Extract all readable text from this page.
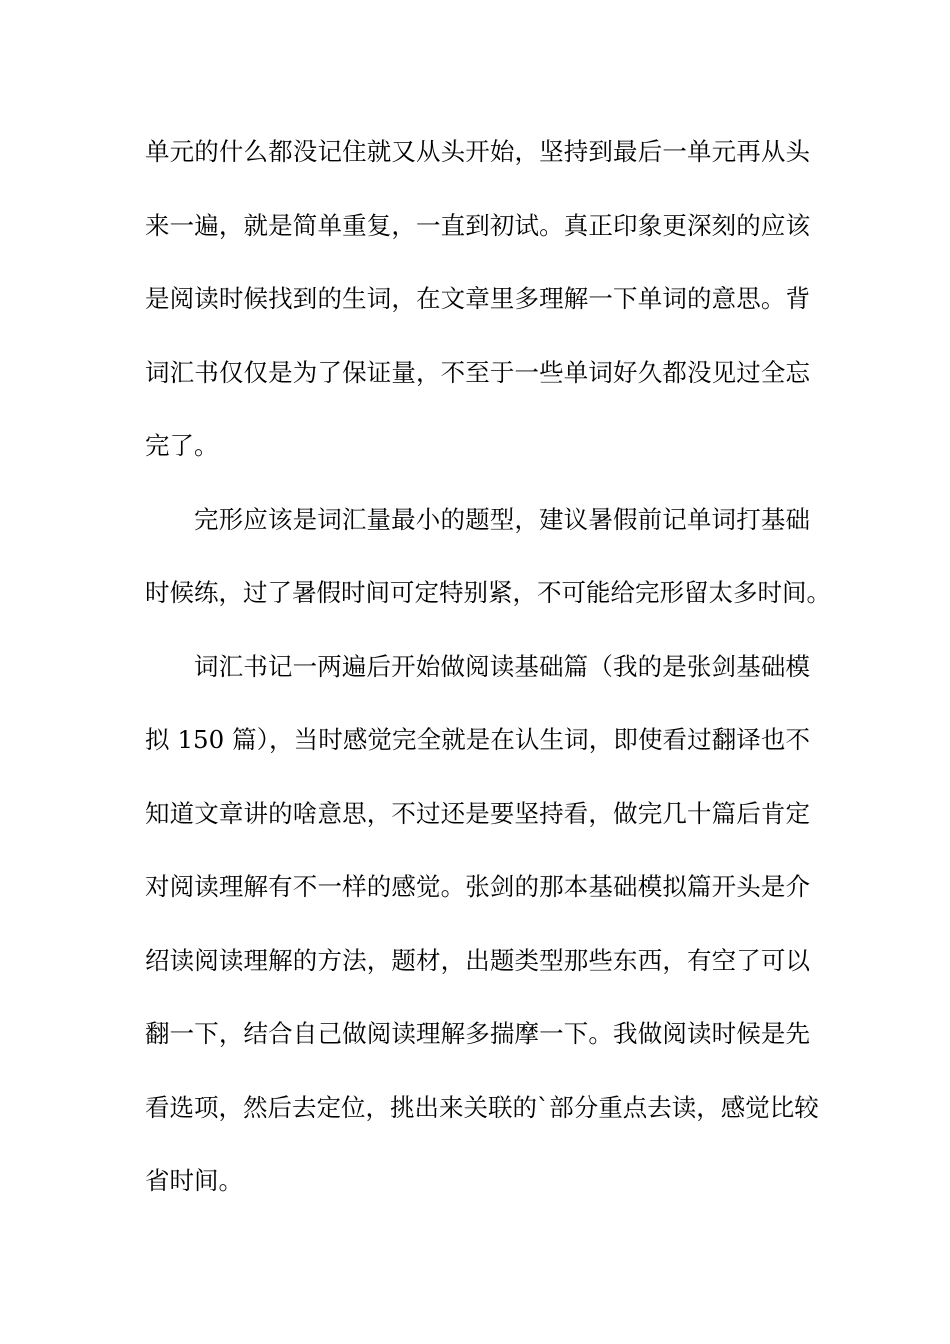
单元的什么都没记住就又从头开始，坚持到最后一单元再从头
来一遍，就是简单重复，一直到初试。真正印象更深刻的应该
是阅读时候找到的生词，在文章里多理解一下单词的意思。背
词汇书仅仅是为了保证量，不至于一些单词好久都没见过全忘
完了。
完形应该是词汇量最小的题型，建议暑假前记单词打基础
时候练，过了暑假时间可定特别紧，不可能给完形留太多时间。
词汇书记一两遍后开始做阅读基础篇（我的是张剑基础模
拟 150 篇），当时感觉完全就是在认生词，即使看过翻译也不
知道文章讲的啥意思，不过还是要坚持看，做完几十篇后肯定
对阅读理解有不一样的感觉。张剑的那本基础模拟篇开头是介
绍读阅读理解的方法，题材，出题类型那些东西，有空了可以
翻一下，结合自己做阅读理解多揣摩一下。我做阅读时候是先
看选项，然后去定位，挑出来关联的`部分重点去读，感觉比较
省时间。
